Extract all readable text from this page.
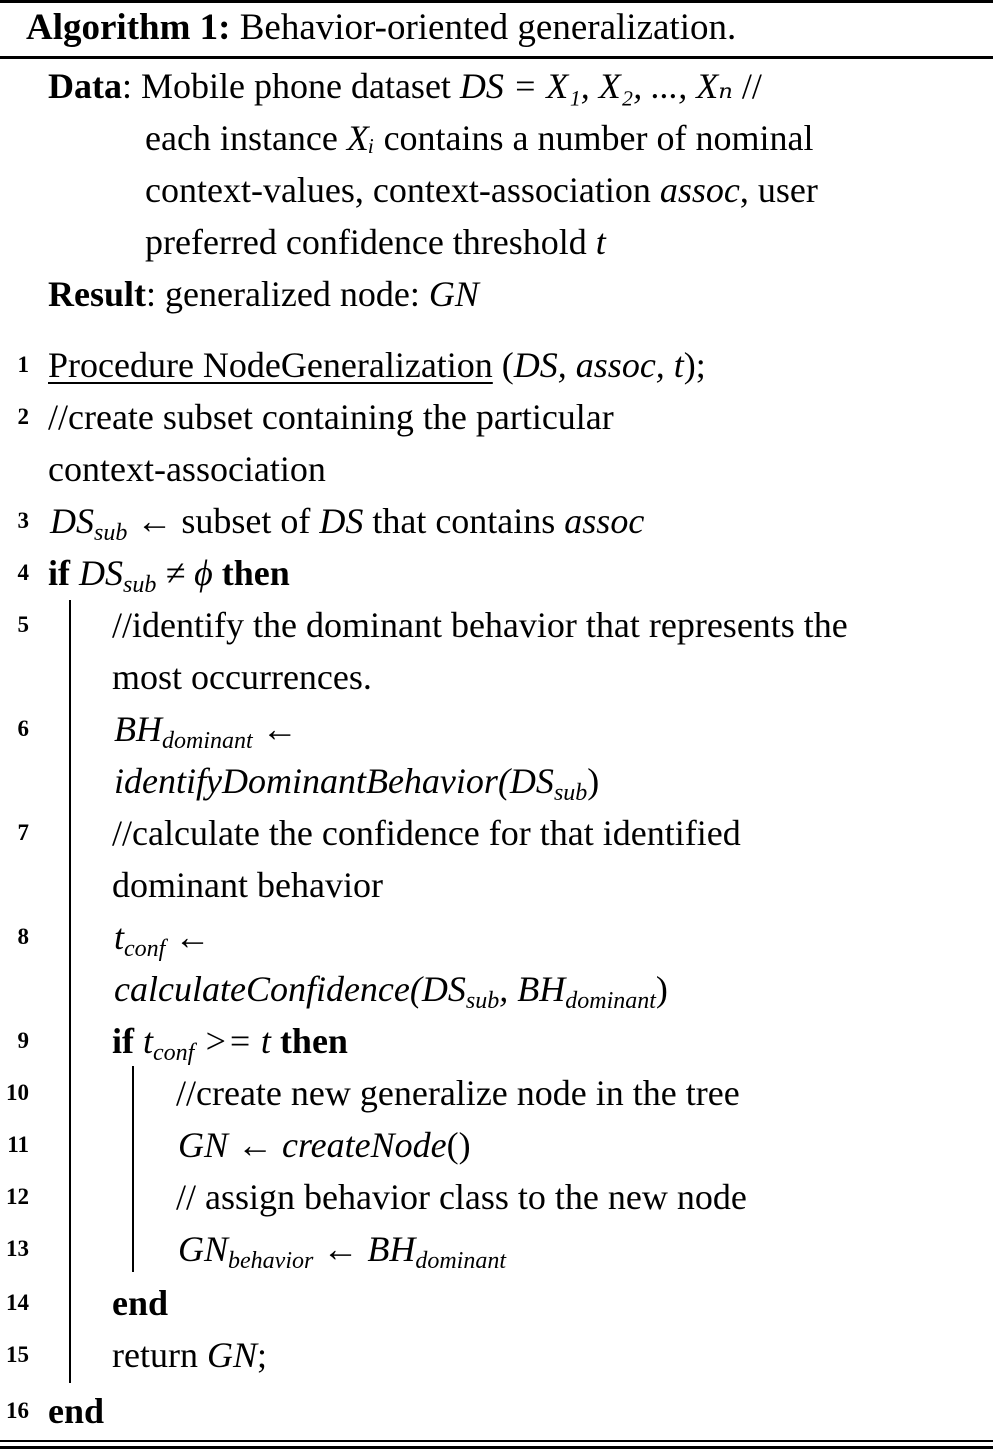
Algorithm 1: Behavior-oriented generalization.
Data: Mobile phone dataset DS = X₁, X₂, ..., Xₙ //
each instance Xᵢ contains a number of nominal
context-values, context-association assoc, user
preferred confidence threshold t
Result: generalized node: GN
1
2
3
4
5
6
7
8
9
10
11
12
13
14
15
16
Procedure NodeGeneralization (DS, assoc, t);
//create subset containing the particular
context-association
$DS_{sub}$ ← subset of DS that contains assoc
if $DS_{sub} \ne \phi$ then
//identify the dominant behavior that represents the
most occurrences.
$BH_{dominant}$ ←
$identifyDominantBehavior(DS_{sub})$
//calculate the confidence for that identified
dominant behavior
$t_{conf}$ ←
$calculateConfidence(DS_{sub}$, $BH_{dominant}$)
if $t_{conf} >= t$ then
//create new generalize node in the tree
GN ← createNode()
// assign behavior class to the new node
$GN_{behavior}$ ← $BH_{dominant}$
end
return GN;
end
